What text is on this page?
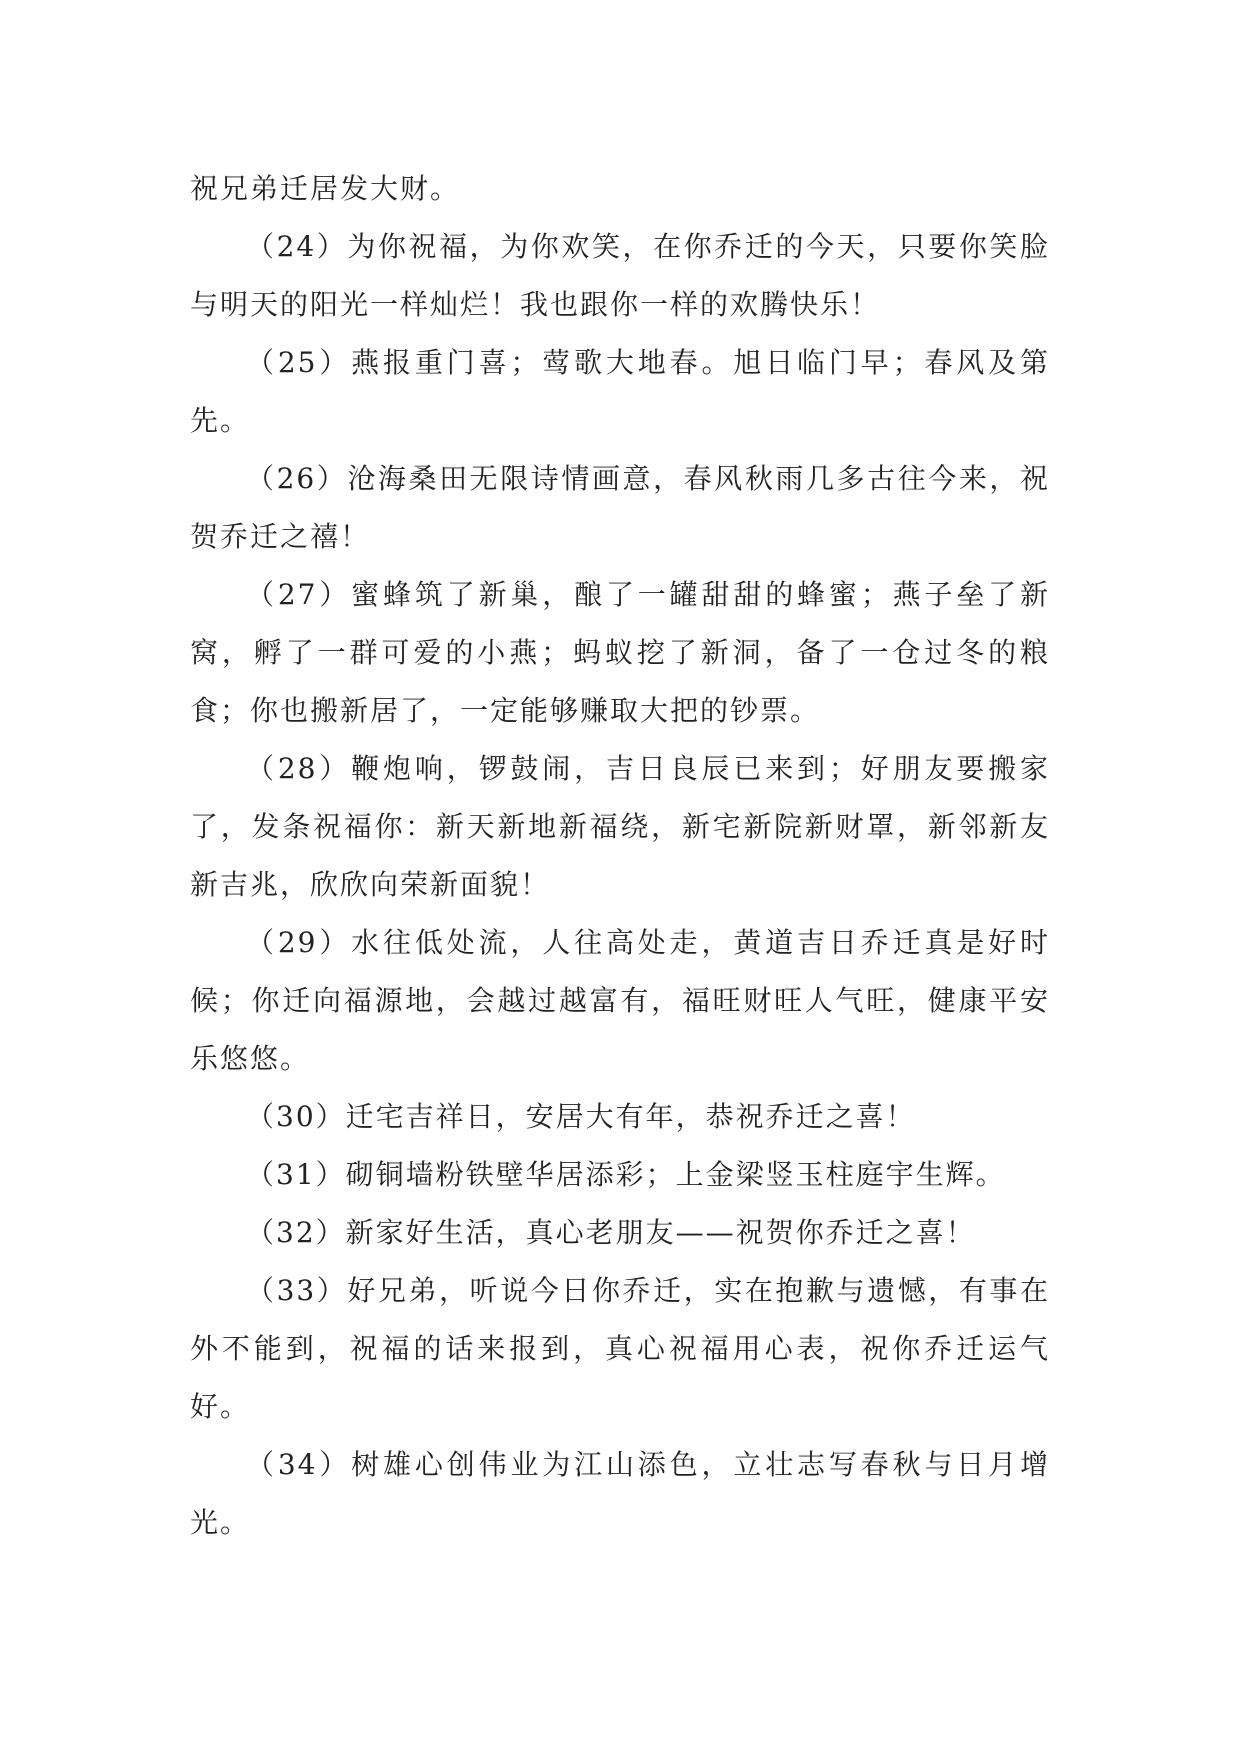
祝兄弟迁居发大财。

（24）为你祝福，为你欢笑，在你乔迁的今天，只要你笑脸与明天的阳光一样灿烂！我也跟你一样的欢腾快乐！

（25）燕报重门喜；莺歌大地春。旭日临门早；春风及第先。

（26）沧海桑田无限诗情画意，春风秋雨几多古往今来，祝贺乔迁之禧！

（27）蜜蜂筑了新巢，酿了一罐甜甜的蜂蜜；燕子垒了新窝，孵了一群可爱的小燕；蚂蚁挖了新洞，备了一仓过冬的粮食；你也搬新居了，一定能够赚取大把的钞票。

（28）鞭炮响，锣鼓闹，吉日良辰已来到；好朋友要搬家了，发条祝福你：新天新地新福绕，新宅新院新财罩，新邻新友新吉兆，欣欣向荣新面貌！

（29）水往低处流，人往高处走，黄道吉日乔迁真是好时候；你迁向福源地，会越过越富有，福旺财旺人气旺，健康平安乐悠悠。

（30）迁宅吉祥日，安居大有年，恭祝乔迁之喜！

（31）砌铜墙粉铁壁华居添彩；上金梁竖玉柱庭宇生辉。

（32）新家好生活，真心老朋友——祝贺你乔迁之喜！

（33）好兄弟，听说今日你乔迁，实在抱歉与遗憾，有事在外不能到，祝福的话来报到，真心祝福用心表，祝你乔迁运气好。

（34）树雄心创伟业为江山添色，立壮志写春秋与日月增光。
